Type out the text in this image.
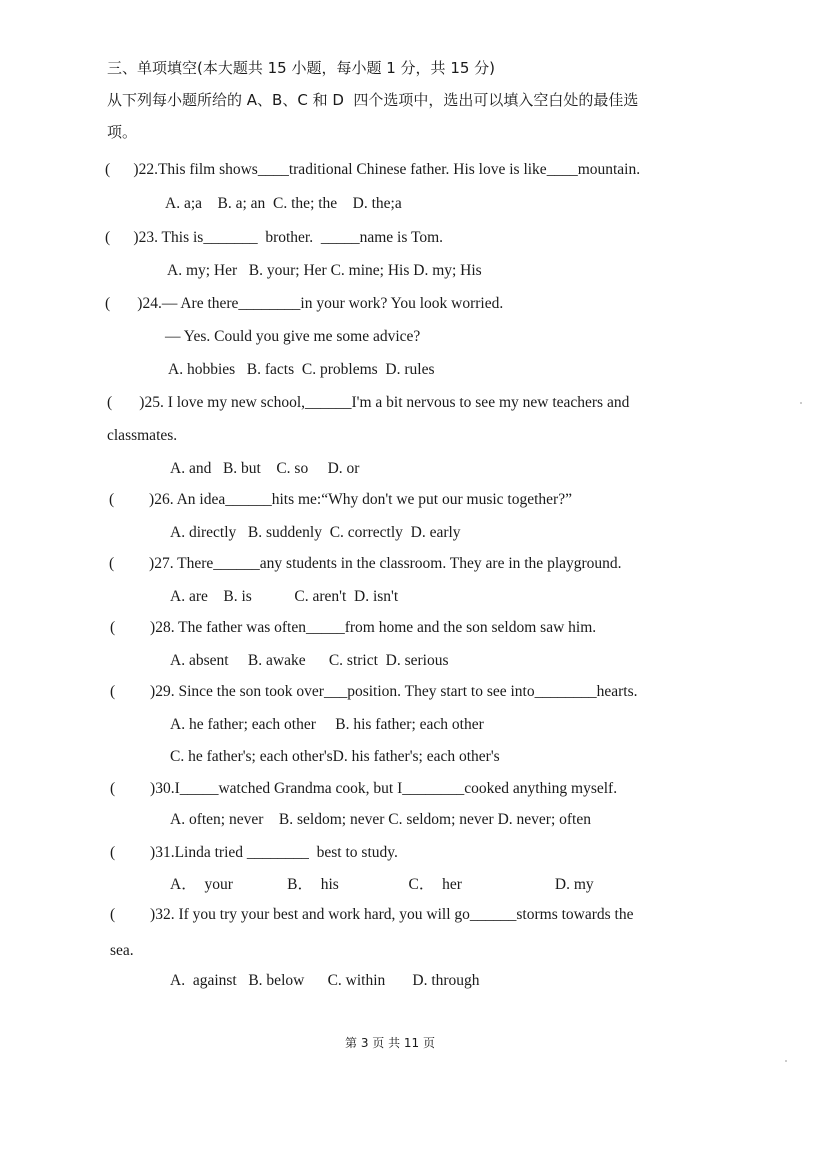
三、单项填空(本大题共 15 小题，每小题 1 分，共 15 分)
从下列每小题所给的 A、B、C 和 D  四个选项中，选出可以填入空白处的最佳选
项。
(      )22.This film shows____traditional Chinese father. His love is like____mountain.
A. a;a    B. a; an  C. the; the    D. the;a
(      )23. This is_______  brother.  _____name is Tom.
A. my; Her   B. your; Her C. mine; His D. my; His
(       )24.— Are there________in your work? You look worried.
— Yes. Could you give me some advice?
A. hobbies   B. facts  C. problems  D. rules
(       )25. I love my new school,______I'm a bit nervous to see my new teachers and
classmates.
A. and   B. but    C. so     D. or
(         )26. An idea______hits me:“Why don't we put our music together?”
A. directly   B. suddenly  C. correctly  D. early
(         )27. There______any students in the classroom. They are in the playground.
A. are    B. is           C. aren't  D. isn't
(         )28. The father was often_____from home and the son seldom saw him.
A. absent     B. awake      C. strict  D. serious
(         )29. Since the son took over___position. They start to see into________hearts.
A. he father; each other     B. his father; each other
C. he father's; each other'sD. his father's; each other's
(         )30.I_____watched Grandma cook, but I________cooked anything myself.
A. often; never    B. seldom; never C. seldom; never D. never; often
(         )31.Linda tried ________  best to study.
A．  your              B．  his                  C．  her                        D. my
(         )32. If you try your best and work hard, you will go______storms towards the
sea.
A.  against   B. below      C. within       D. through
第 3 页 共 11 页
